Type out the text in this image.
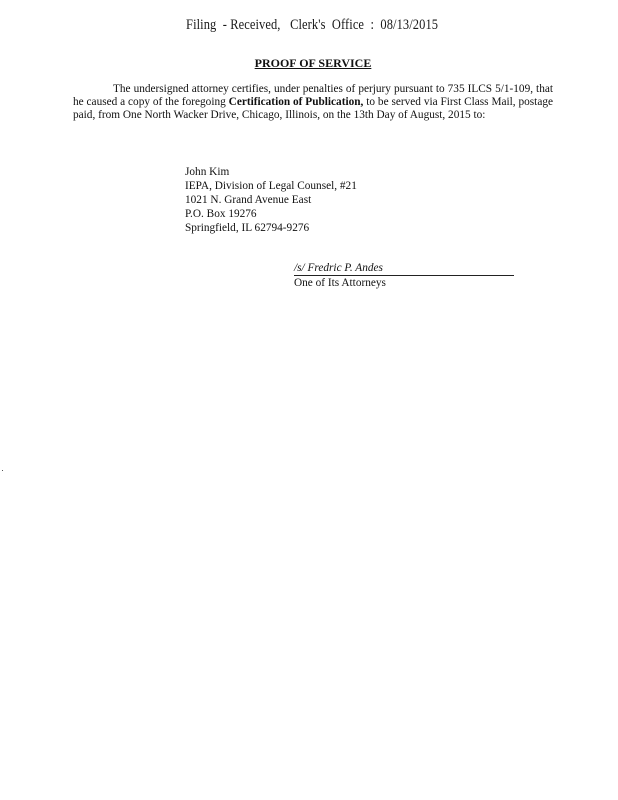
Filing  - Received,   Clerk's  Office  :  08/13/2015
PROOF OF SERVICE

The undersigned attorney certifies, under penalties of perjury pursuant to 735 ILCS 5/1-109, that he caused a copy of the foregoing Certification of Publication, to be served via First Class Mail, postage paid, from One North Wacker Drive, Chicago, Illinois, on the 13th Day of August, 2015 to:

John Kim
IEPA, Division of Legal Counsel, #21
1021 N. Grand Avenue East
P.O. Box 19276
Springfield, IL 62794-9276
/s/ Fredric P. Andes
One of Its Attorneys
